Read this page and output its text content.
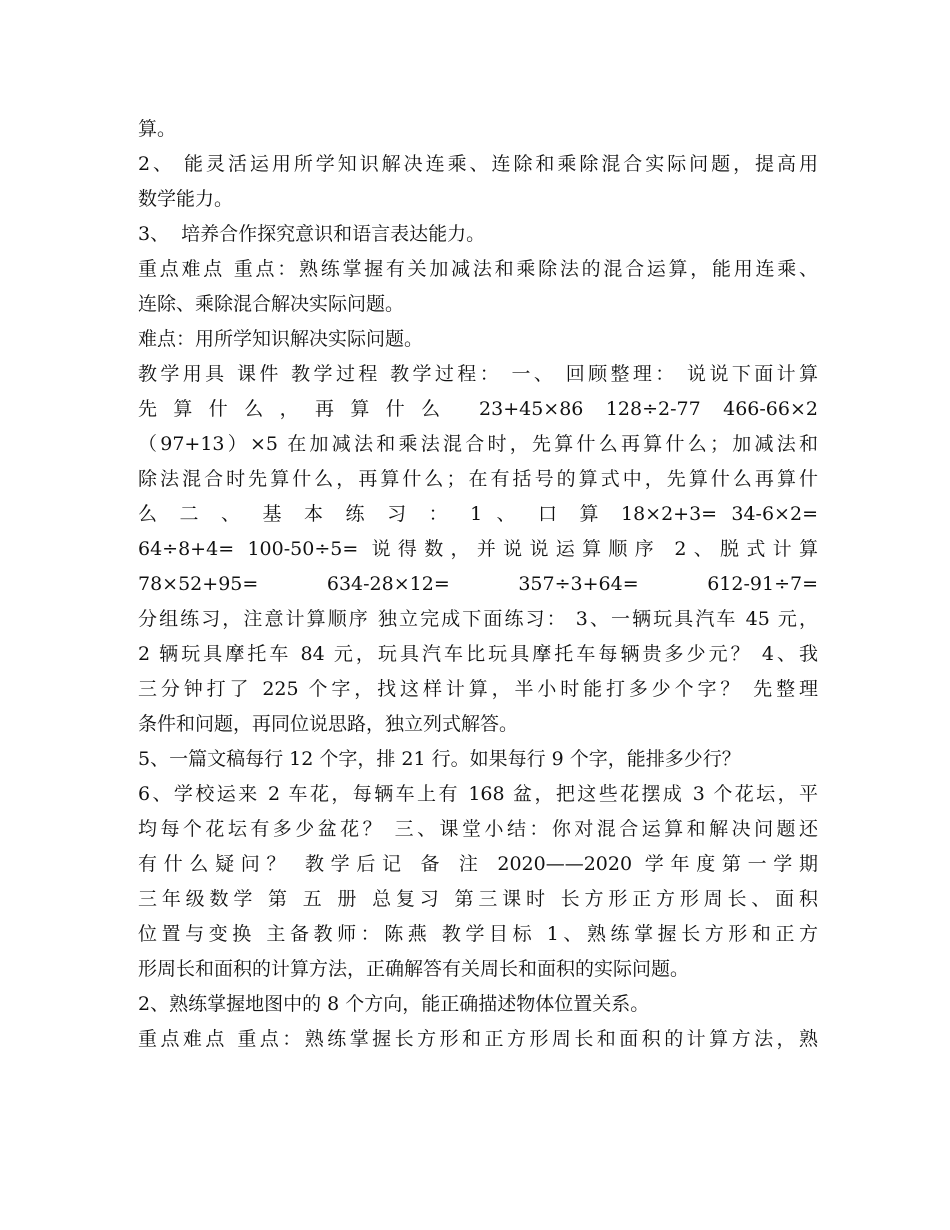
算。
2、 能灵活运用所学知识解决连乘、连除和乘除混合实际问题，提高用
数学能力。
3、  培养合作探究意识和语言表达能力。
重点难点 重点：熟练掌握有关加减法和乘除法的混合运算，能用连乘、
连除、乘除混合解决实际问题。
难点：用所学知识解决实际问题。
教学用具 课件 教学过程 教学过程： 一、 回顾整理： 说说下面计算
先算什么，再算什么 23+45×86 128÷2-77 466-66×2
（97+13）×5 在加减法和乘法混合时，先算什么再算什么；加减法和
除法混合时先算什么，再算什么；在有括号的算式中，先算什么再算什
么 二 、 基 本 练 习 ： 1 、 口 算 18×2+3= 34-6×2=
64÷8+4= 100-50÷5= 说得数，并说说运算顺序 2、脱式计算
78×52+95= 634-28×12= 357÷3+64= 612-91÷7=
分组练习，注意计算顺序 独立完成下面练习： 3、一辆玩具汽车 45 元，
2 辆玩具摩托车 84 元，玩具汽车比玩具摩托车每辆贵多少元？ 4、我
三分钟打了 225 个字，找这样计算，半小时能打多少个字？ 先整理
条件和问题，再同位说思路，独立列式解答。
5、一篇文稿每行 12 个字，排 21 行。如果每行 9 个字，能排多少行？
6、学校运来 2 车花，每辆车上有 168 盆，把这些花摆成 3 个花坛，平
均每个花坛有多少盆花？ 三、课堂小结：你对混合运算和解决问题还
有什么疑问？ 教学后记 备 注 2020——2020 学年度第一学期
三年级数学 第 五 册 总复习 第三课时 长方形正方形周长、面积
位置与变换 主备教师：陈燕 教学目标 1、熟练掌握长方形和正方
形周长和面积的计算方法，正确解答有关周长和面积的实际问题。
2、熟练掌握地图中的 8 个方向，能正确描述物体位置关系。
重点难点 重点：熟练掌握长方形和正方形周长和面积的计算方法，熟
